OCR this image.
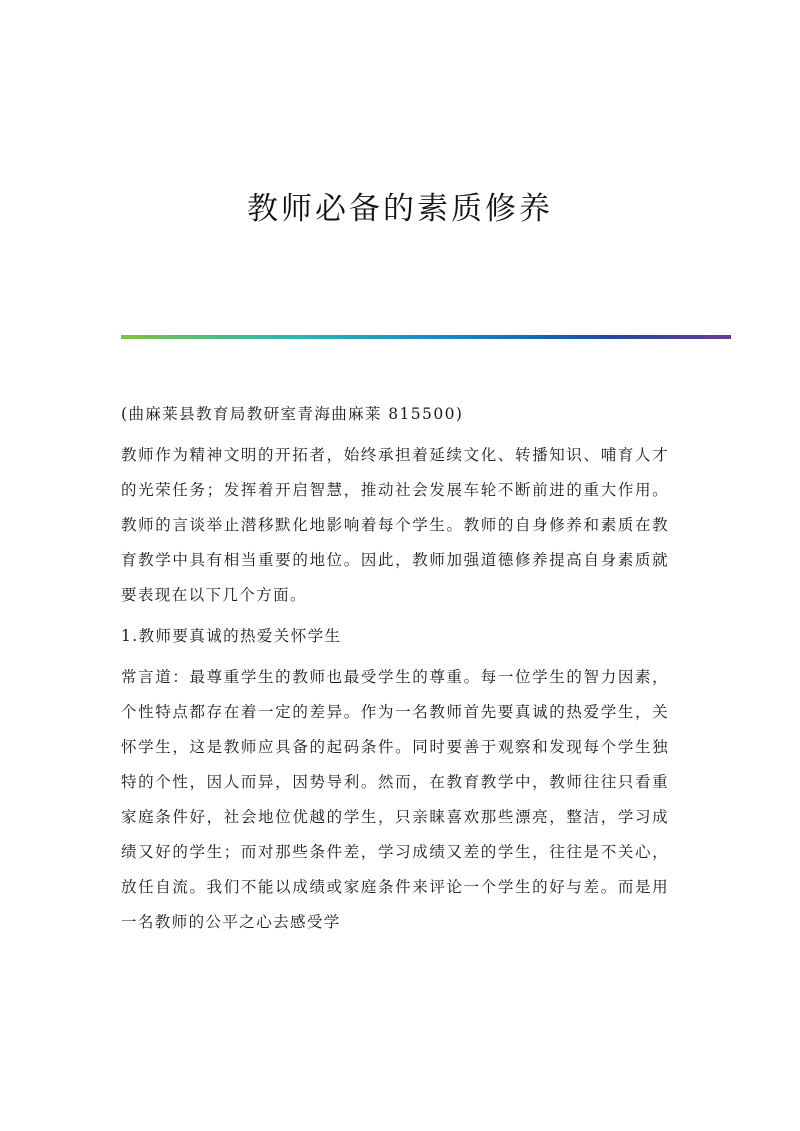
教师必备的素质修养

(曲麻莱县教育局教研室青海曲麻莱 815500)

教师作为精神文明的开拓者，始终承担着延续文化、转播知识、哺育人才的光荣任务；发挥着开启智慧，推动社会发展车轮不断前进的重大作用。教师的言谈举止潜移默化地影响着每个学生。教师的自身修养和素质在教育教学中具有相当重要的地位。因此，教师加强道德修养提高自身素质就要表现在以下几个方面。

1.教师要真诚的热爱关怀学生

常言道：最尊重学生的教师也最受学生的尊重。每一位学生的智力因素，个性特点都存在着一定的差异。作为一名教师首先要真诚的热爱学生，关怀学生，这是教师应具备的起码条件。同时要善于观察和发现每个学生独特的个性，因人而异，因势导利。然而，在教育教学中，教师往往只看重家庭条件好，社会地位优越的学生，只亲睐喜欢那些漂亮，整洁，学习成绩又好的学生；而对那些条件差，学习成绩又差的学生，往往是不关心，放任自流。我们不能以成绩或家庭条件来评论一个学生的好与差。而是用一名教师的公平之心去感受学
